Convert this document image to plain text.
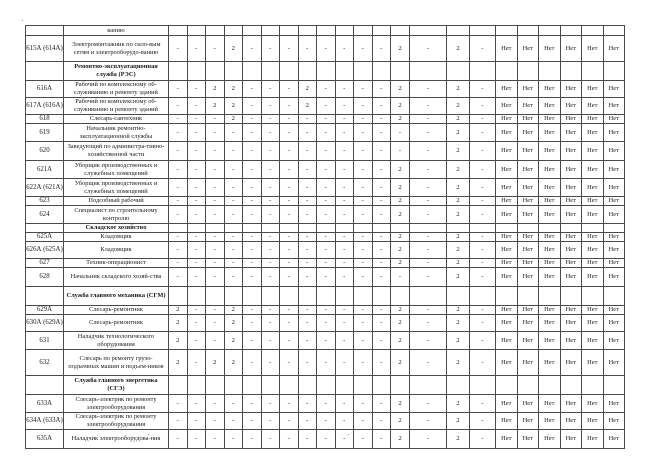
	ванию																						
615А (614А)	Электромонтажник по сило-вым сетям и электрооборудо-ванию	-	-	-	2	-	-	-	-	-	-	-	-	2	-	2	-	Нет	Нет	Нет	Нет	Нет	Нет
	Ремонтно-эксплуатационная служба (РЭС)																						
616А	Рабочий по комплексному об-служиванию и ремонту зданий	-	-	2	2	-	-	-	2	-	-	-	-	2	-	2	-	Нет	Нет	Нет	Нет	Нет	Нет
617А (616А)	Рабочий по комплексному об-служиванию и ремонту зданий	-	-	2	2	-	-	-	2	-	-	-	-	2	-	2	-	Нет	Нет	Нет	Нет	Нет	Нет
618	Слесарь-сантехник	-	-	-	2	-	-	-	-	-	-	-	-	2	-	2	-	Нет	Нет	Нет	Нет	Нет	Нет
619	Начальник ремонтно-эксплуатационной службы	-	-	-	-	-	-	-	-	-	-	-	-	-	-	2	-	Нет	Нет	Нет	Нет	Нет	Нет
620	Заведующий по администра-тивно-хозяйственной части	-	-	-	-	-	-	-	-	-	-	-	-	-	-	2	-	Нет	Нет	Нет	Нет	Нет	Нет
621А	Уборщик производственных и служебных помещений	-	-	-	-	-	-	-	-	-	-	-	-	2	-	2	-	Нет	Нет	Нет	Нет	Нет	Нет
622А (621А)	Уборщик производственных и служебных помещений	-	-	-	-	-	-	-	-	-	-	-	-	2	-	2	-	Нет	Нет	Нет	Нет	Нет	Нет
623	Подсобный рабочий	-	-	-	-	-	-	-	-	-	-	-	-	2	-	2	-	Нет	Нет	Нет	Нет	Нет	Нет
624	Специалист по строительному контролю	-	-	-	-	-	-	-	-	-	-	-	-	2	-	2	-	Нет	Нет	Нет	Нет	Нет	Нет
	Складское хозяйство																						
625А	Кладовщик	-	-	-	-	-	-	-	-	-	-	-	-	2	-	2	-	Нет	Нет	Нет	Нет	Нет	Нет
626А (625А)	Кладовщик	-	-	-	-	-	-	-	-	-	-	-	-	2	-	2	-	Нет	Нет	Нет	Нет	Нет	Нет
627	Техник-операционист	-	-	-	-	-	-	-	-	-	-	-	-	2	-	2	-	Нет	Нет	Нет	Нет	Нет	Нет
628	Начальник складского хозяй-ства	-	-	-	-	-	-	-	-	-	-	-	-	-	-	2	-	Нет	Нет	Нет	Нет	Нет	Нет
	Служба главного механика (СГМ)																						
629А	Слесарь-ремонтник	2	-	-	2	-	-	-	-	-	-	-	-	2	-	2	-	Нет	Нет	Нет	Нет	Нет	Нет
630А (629А)	Слесарь-ремонтник	2	-	-	2	-	-	-	-	-	-	-	-	2	-	2	-	Нет	Нет	Нет	Нет	Нет	Нет
631	Наладчик технологического оборудования	2	-	-	2	-	-	-	-	-	-	-	-	2	-	2	-	Нет	Нет	Нет	Нет	Нет	Нет
632	Слесарь по ремонту грузо-подъемных машин и подъем-ников	2	-	2	2	-	-	-	-	-	-	-	-	2	-	2	-	Нет	Нет	Нет	Нет	Нет	Нет
	Служба главного энергетика (СГЭ)																						
633А	Слесарь-электрик по ремонту электрооборудования	-	-	-	-	-	-	-	-	-	-	-	-	2	-	2	-	Нет	Нет	Нет	Нет	Нет	Нет
634А (633А)	Слесарь-электрик по ремонту электрооборудования	-	-	-	-	-	-	-	-	-	-	-	-	2	-	2	-	Нет	Нет	Нет	Нет	Нет	Нет
635А	Наладчик электрооборудова-ния	-	-	-	-	-	-	-	-	-	-	-	-	2	-	2	-	Нет	Нет	Нет	Нет	Нет	Нет
